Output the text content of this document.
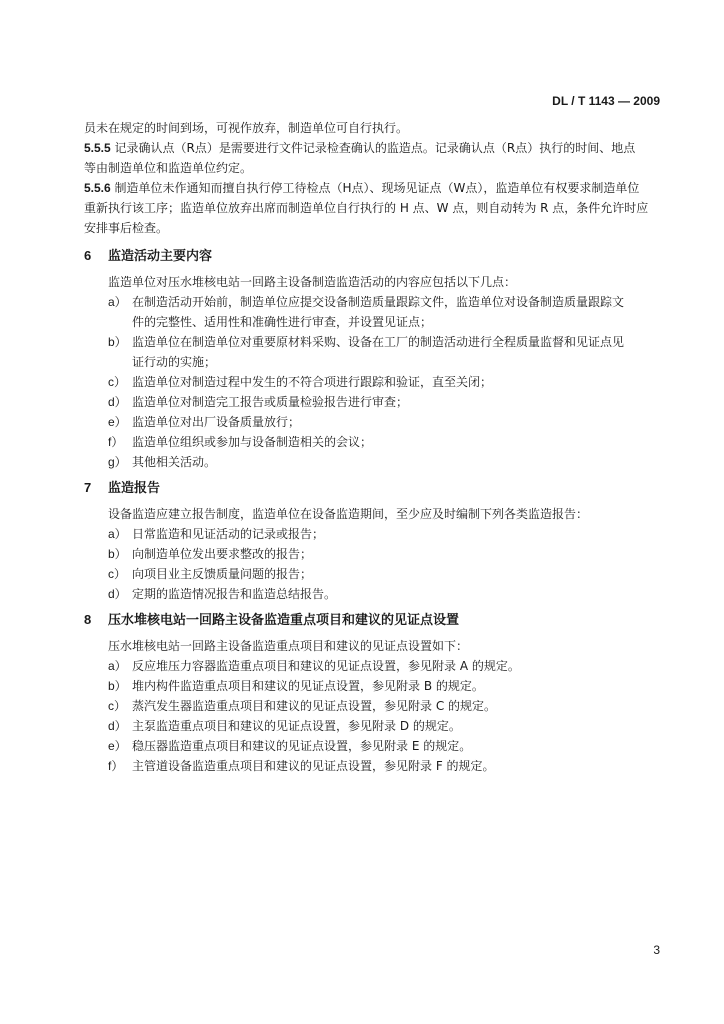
DL / T 1143 — 2009
员未在规定的时间到场，可视作放弃，制造单位可自行执行。
5.5.5 记录确认点（R点）是需要进行文件记录检查确认的监造点。记录确认点（R点）执行的时间、地点
等由制造单位和监造单位约定。
5.5.6 制造单位未作通知而擅自执行停工待检点（H点）、现场见证点（W点），监造单位有权要求制造单位
重新执行该工序；监造单位放弃出席而制造单位自行执行的 H 点、W 点，则自动转为 R 点，条件允许时应
安排事后检查。
6 监造活动主要内容
监造单位对压水堆核电站一回路主设备制造监造活动的内容应包括以下几点：
a） 在制造活动开始前，制造单位应提交设备制造质量跟踪文件，监造单位对设备制造质量跟踪文
件的完整性、适用性和准确性进行审查，并设置见证点；
b） 监造单位在制造单位对重要原材料采购、设备在工厂的制造活动进行全程质量监督和见证点见
证行动的实施；
c） 监造单位对制造过程中发生的不符合项进行跟踪和验证，直至关闭；
d） 监造单位对制造完工报告或质量检验报告进行审查；
e） 监造单位对出厂设备质量放行；
f） 监造单位组织或参加与设备制造相关的会议；
g） 其他相关活动。
7 监造报告
设备监造应建立报告制度，监造单位在设备监造期间，至少应及时编制下列各类监造报告：
a） 日常监造和见证活动的记录或报告；
b） 向制造单位发出要求整改的报告；
c） 向项目业主反馈质量问题的报告；
d） 定期的监造情况报告和监造总结报告。
8 压水堆核电站一回路主设备监造重点项目和建议的见证点设置
压水堆核电站一回路主设备监造重点项目和建议的见证点设置如下：
a） 反应堆压力容器监造重点项目和建议的见证点设置，参见附录 A 的规定。
b） 堆内构件监造重点项目和建议的见证点设置，参见附录 B 的规定。
c） 蒸汽发生器监造重点项目和建议的见证点设置，参见附录 C 的规定。
d） 主泵监造重点项目和建议的见证点设置，参见附录 D 的规定。
e） 稳压器监造重点项目和建议的见证点设置，参见附录 E 的规定。
f） 主管道设备监造重点项目和建议的见证点设置，参见附录 F 的规定。
3
